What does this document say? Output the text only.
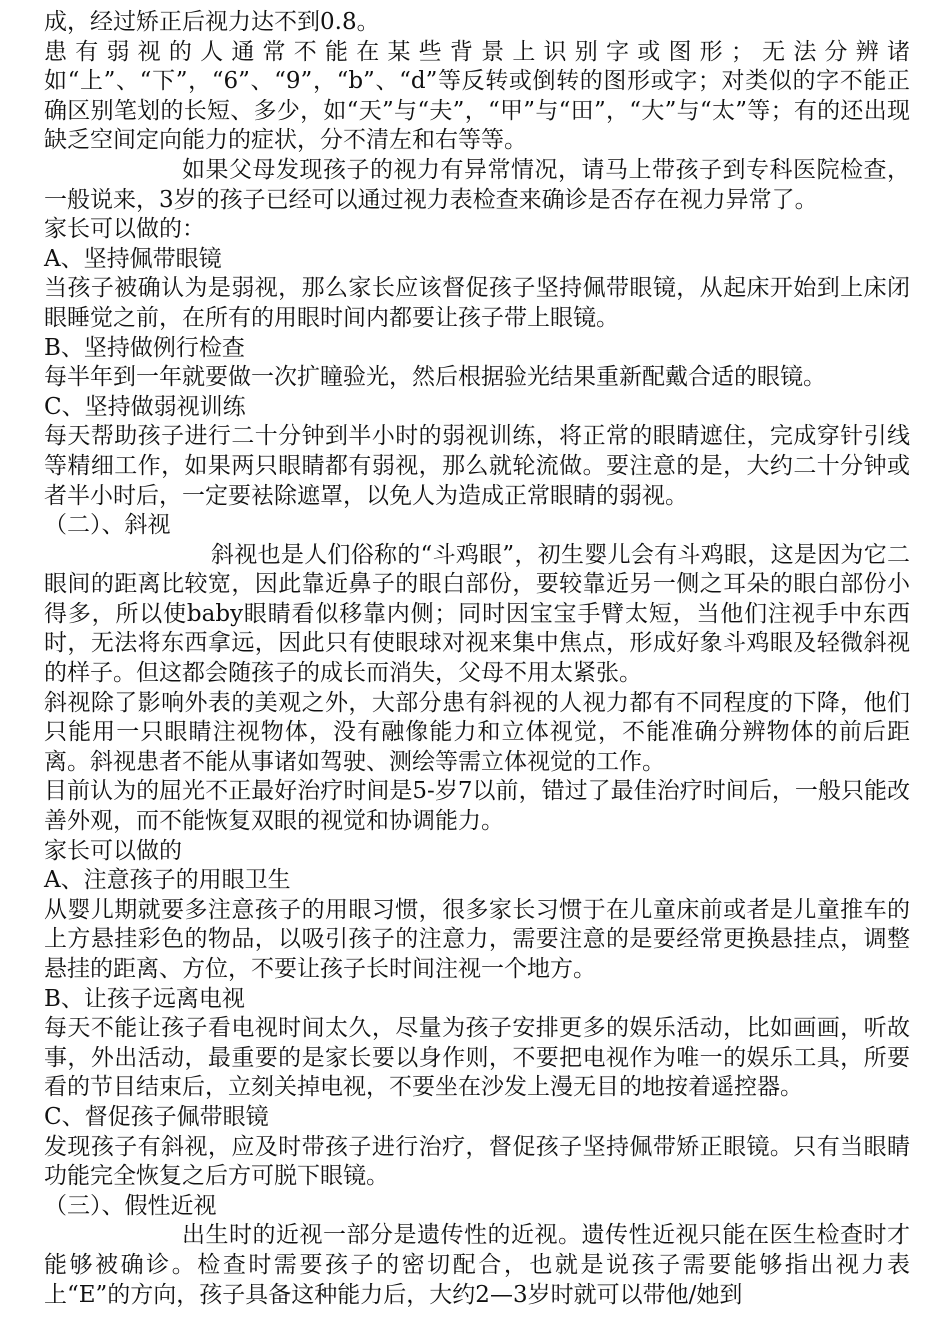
成，经过矫正后视力达不到0.8。

患有弱视的人通常不能在某些背景上识别字或图形；无法分辨诸如“上”、“下”，“6”、“9”，“b”、“d”等反转或倒转的图形或字；对类似的字不能正确区别笔划的长短、多少，如“天”与“夫”，“甲”与“田”，“大”与“太”等；有的还出现缺乏空间定向能力的症状，分不清左和右等等。

如果父母发现孩子的视力有异常情况，请马上带孩子到专科医院检查，一般说来，3岁的孩子已经可以通过视力表检查来确诊是否存在视力异常了。

家长可以做的：

A、坚持佩带眼镜

当孩子被确认为是弱视，那么家长应该督促孩子坚持佩带眼镜，从起床开始到上床闭眼睡觉之前，在所有的用眼时间内都要让孩子带上眼镜。

B、坚持做例行检查

每半年到一年就要做一次扩瞳验光，然后根据验光结果重新配戴合适的眼镜。

C、坚持做弱视训练

每天帮助孩子进行二十分钟到半小时的弱视训练，将正常的眼睛遮住，完成穿针引线等精细工作，如果两只眼睛都有弱视，那么就轮流做。要注意的是，大约二十分钟或者半小时后，一定要袪除遮罩，以免人为造成正常眼睛的弱视。

（二）、斜视

斜视也是人们俗称的“斗鸡眼”，初生婴儿会有斗鸡眼，这是因为它二眼间的距离比较宽，因此靠近鼻子的眼白部份，要较靠近另一侧之耳朵的眼白部份小得多，所以使baby眼睛看似移靠内侧；同时因宝宝手臂太短，当他们注视手中东西时，无法将东西拿远，因此只有使眼球对视来集中焦点，形成好象斗鸡眼及轻微斜视的样子。但这都会随孩子的成长而消失，父母不用太紧张。

斜视除了影响外表的美观之外，大部分患有斜视的人视力都有不同程度的下降，他们只能用一只眼睛注视物体，没有融像能力和立体视觉，不能准确分辨物体的前后距离。斜视患者不能从事诸如驾驶、测绘等需立体视觉的工作。

目前认为的屈光不正最好治疗时间是5-岁7以前，错过了最佳治疗时间后，一般只能改善外观，而不能恢复双眼的视觉和协调能力。

家长可以做的

A、注意孩子的用眼卫生

从婴儿期就要多注意孩子的用眼习惯，很多家长习惯于在儿童床前或者是儿童推车的上方悬挂彩色的物品，以吸引孩子的注意力，需要注意的是要经常更换悬挂点，调整悬挂的距离、方位，不要让孩子长时间注视一个地方。

B、让孩子远离电视

每天不能让孩子看电视时间太久，尽量为孩子安排更多的娱乐活动，比如画画，听故事，外出活动，最重要的是家长要以身作则，不要把电视作为唯一的娱乐工具，所要看的节目结束后，立刻关掉电视，不要坐在沙发上漫无目的地按着遥控器。

C、督促孩子佩带眼镜

发现孩子有斜视，应及时带孩子进行治疗，督促孩子坚持佩带矫正眼镜。只有当眼睛功能完全恢复之后方可脱下眼镜。

（三）、假性近视

出生时的近视一部分是遗传性的近视。遗传性近视只能在医生检查时才能够被确诊。检查时需要孩子的密切配合，也就是说孩子需要能够指出视力表上“E”的方向，孩子具备这种能力后，大约2—3岁时就可以带他/她到
